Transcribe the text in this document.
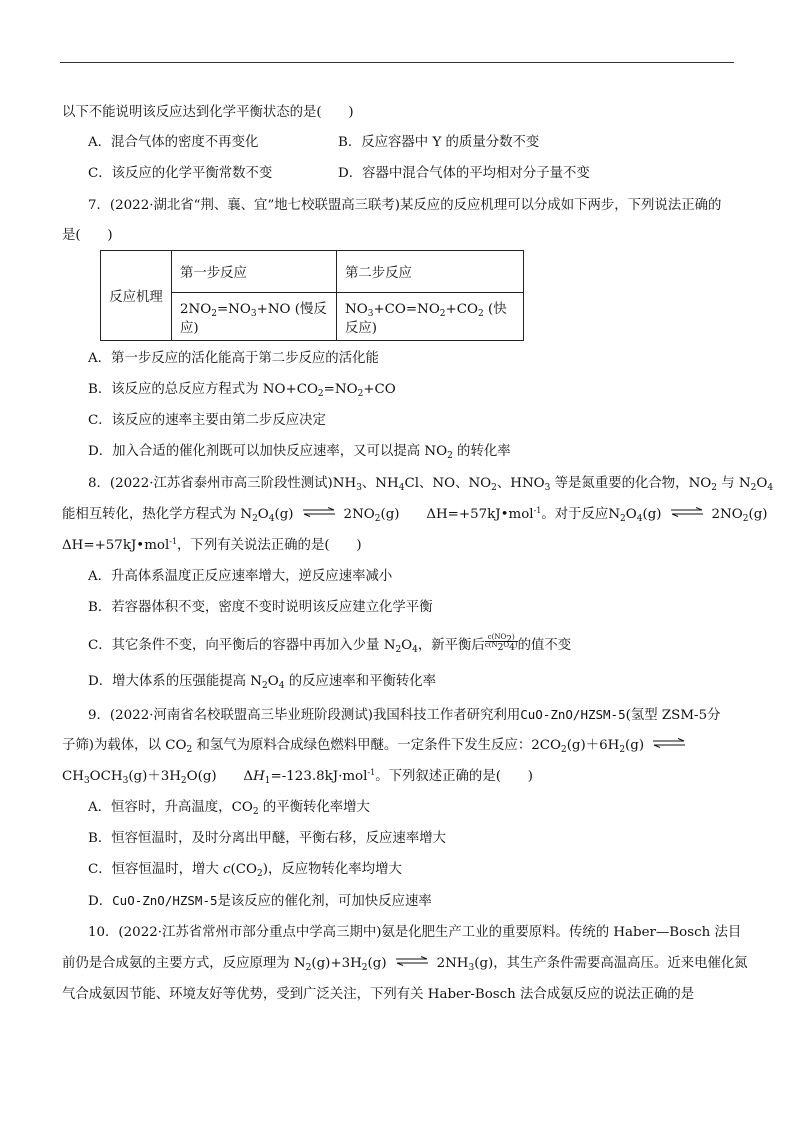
以下不能说明该反应达到化学平衡状态的是(　　)
A．混合气体的密度不再变化	B．反应容器中 Y 的质量分数不变
C．该反应的化学平衡常数不变	D．容器中混合气体的平均相对分子量不变
7．(2022·湖北省“荆、襄、宜”地七校联盟高三联考)某反应的反应机理可以分成如下两步，下列说法正确的
是(　　)
反应机理	第一步反应	第二步反应
	$2NO_2=NO_3+NO$ (慢反应)	$NO_3+CO=NO_2+CO_2$ (快反应)
A．第一步反应的活化能高于第二步反应的活化能
B．该反应的总反应方程式为 $NO+CO_2=NO_2+CO$
C．该反应的速率主要由第二步反应决定
D．加入合适的催化剂既可以加快反应速率，又可以提高 $NO_2$ 的转化率
8．(2022·江苏省泰州市高三阶段性测试)$NH_3$、$NH_4Cl$、NO、$NO_2$、$HNO_3$ 等是氮重要的化合物，$NO_2$ 与 $N_2O_4$
能相互转化，热化学方程式为 $N_2O_4(g)$ ⇌ $2NO_2(g)$　　ΔH=+57kJ•mol$^{-1}$。对于反应$N_2O_4(g)$ ⇌ $2NO_2(g)$
ΔH=+57kJ•mol$^{-1}$，下列有关说法正确的是(　　)
A．升高体系温度正反应速率增大，逆反应速率减小
B．若容器体积不变，密度不变时说明该反应建立化学平衡
C．其它条件不变，向平衡后的容器中再加入少量 $N_2O_4$，新平衡后 $\frac{c(NO_2)}{c(N_2O_4)}$ 的值不变
D．增大体系的压强能提高 $N_2O_4$ 的反应速率和平衡转化率
9．(2022·河南省名校联盟高三毕业班阶段测试)我国科技工作者研究利用CuO-ZnO/HZSM-5(氢型 ZSM-5分
子筛)为载体，以 $CO_2$ 和氢气为原料合成绿色燃料甲醚。一定条件下发生反应：$2CO_2(g)+6H_2(g)$ ⇌
$CH_3OCH_3(g)+3H_2O(g)$　　$\Delta H_1=-123.8kJ\cdot mol^{-1}$。下列叙述正确的是(　　)
A．恒容时，升高温度，$CO_2$ 的平衡转化率增大
B．恒容恒温时，及时分离出甲醚，平衡右移，反应速率增大
C．恒容恒温时，增大 $c(CO_2)$，反应物转化率均增大
D．CuO-ZnO/HZSM-5是该反应的催化剂，可加快反应速率
10．(2022·江苏省常州市部分重点中学高三期中)氨是化肥生产工业的重要原料。传统的 Haber—Bosch 法目
前仍是合成氨的主要方式，反应原理为 $N_2(g)+3H_2(g)$ ⇌ $2NH_3(g)$，其生产条件需要高温高压。近来电催化氮
气合成氨因节能、环境友好等优势，受到广泛关注，下列有关 Haber-Bosch 法合成氨反应的说法正确的是
